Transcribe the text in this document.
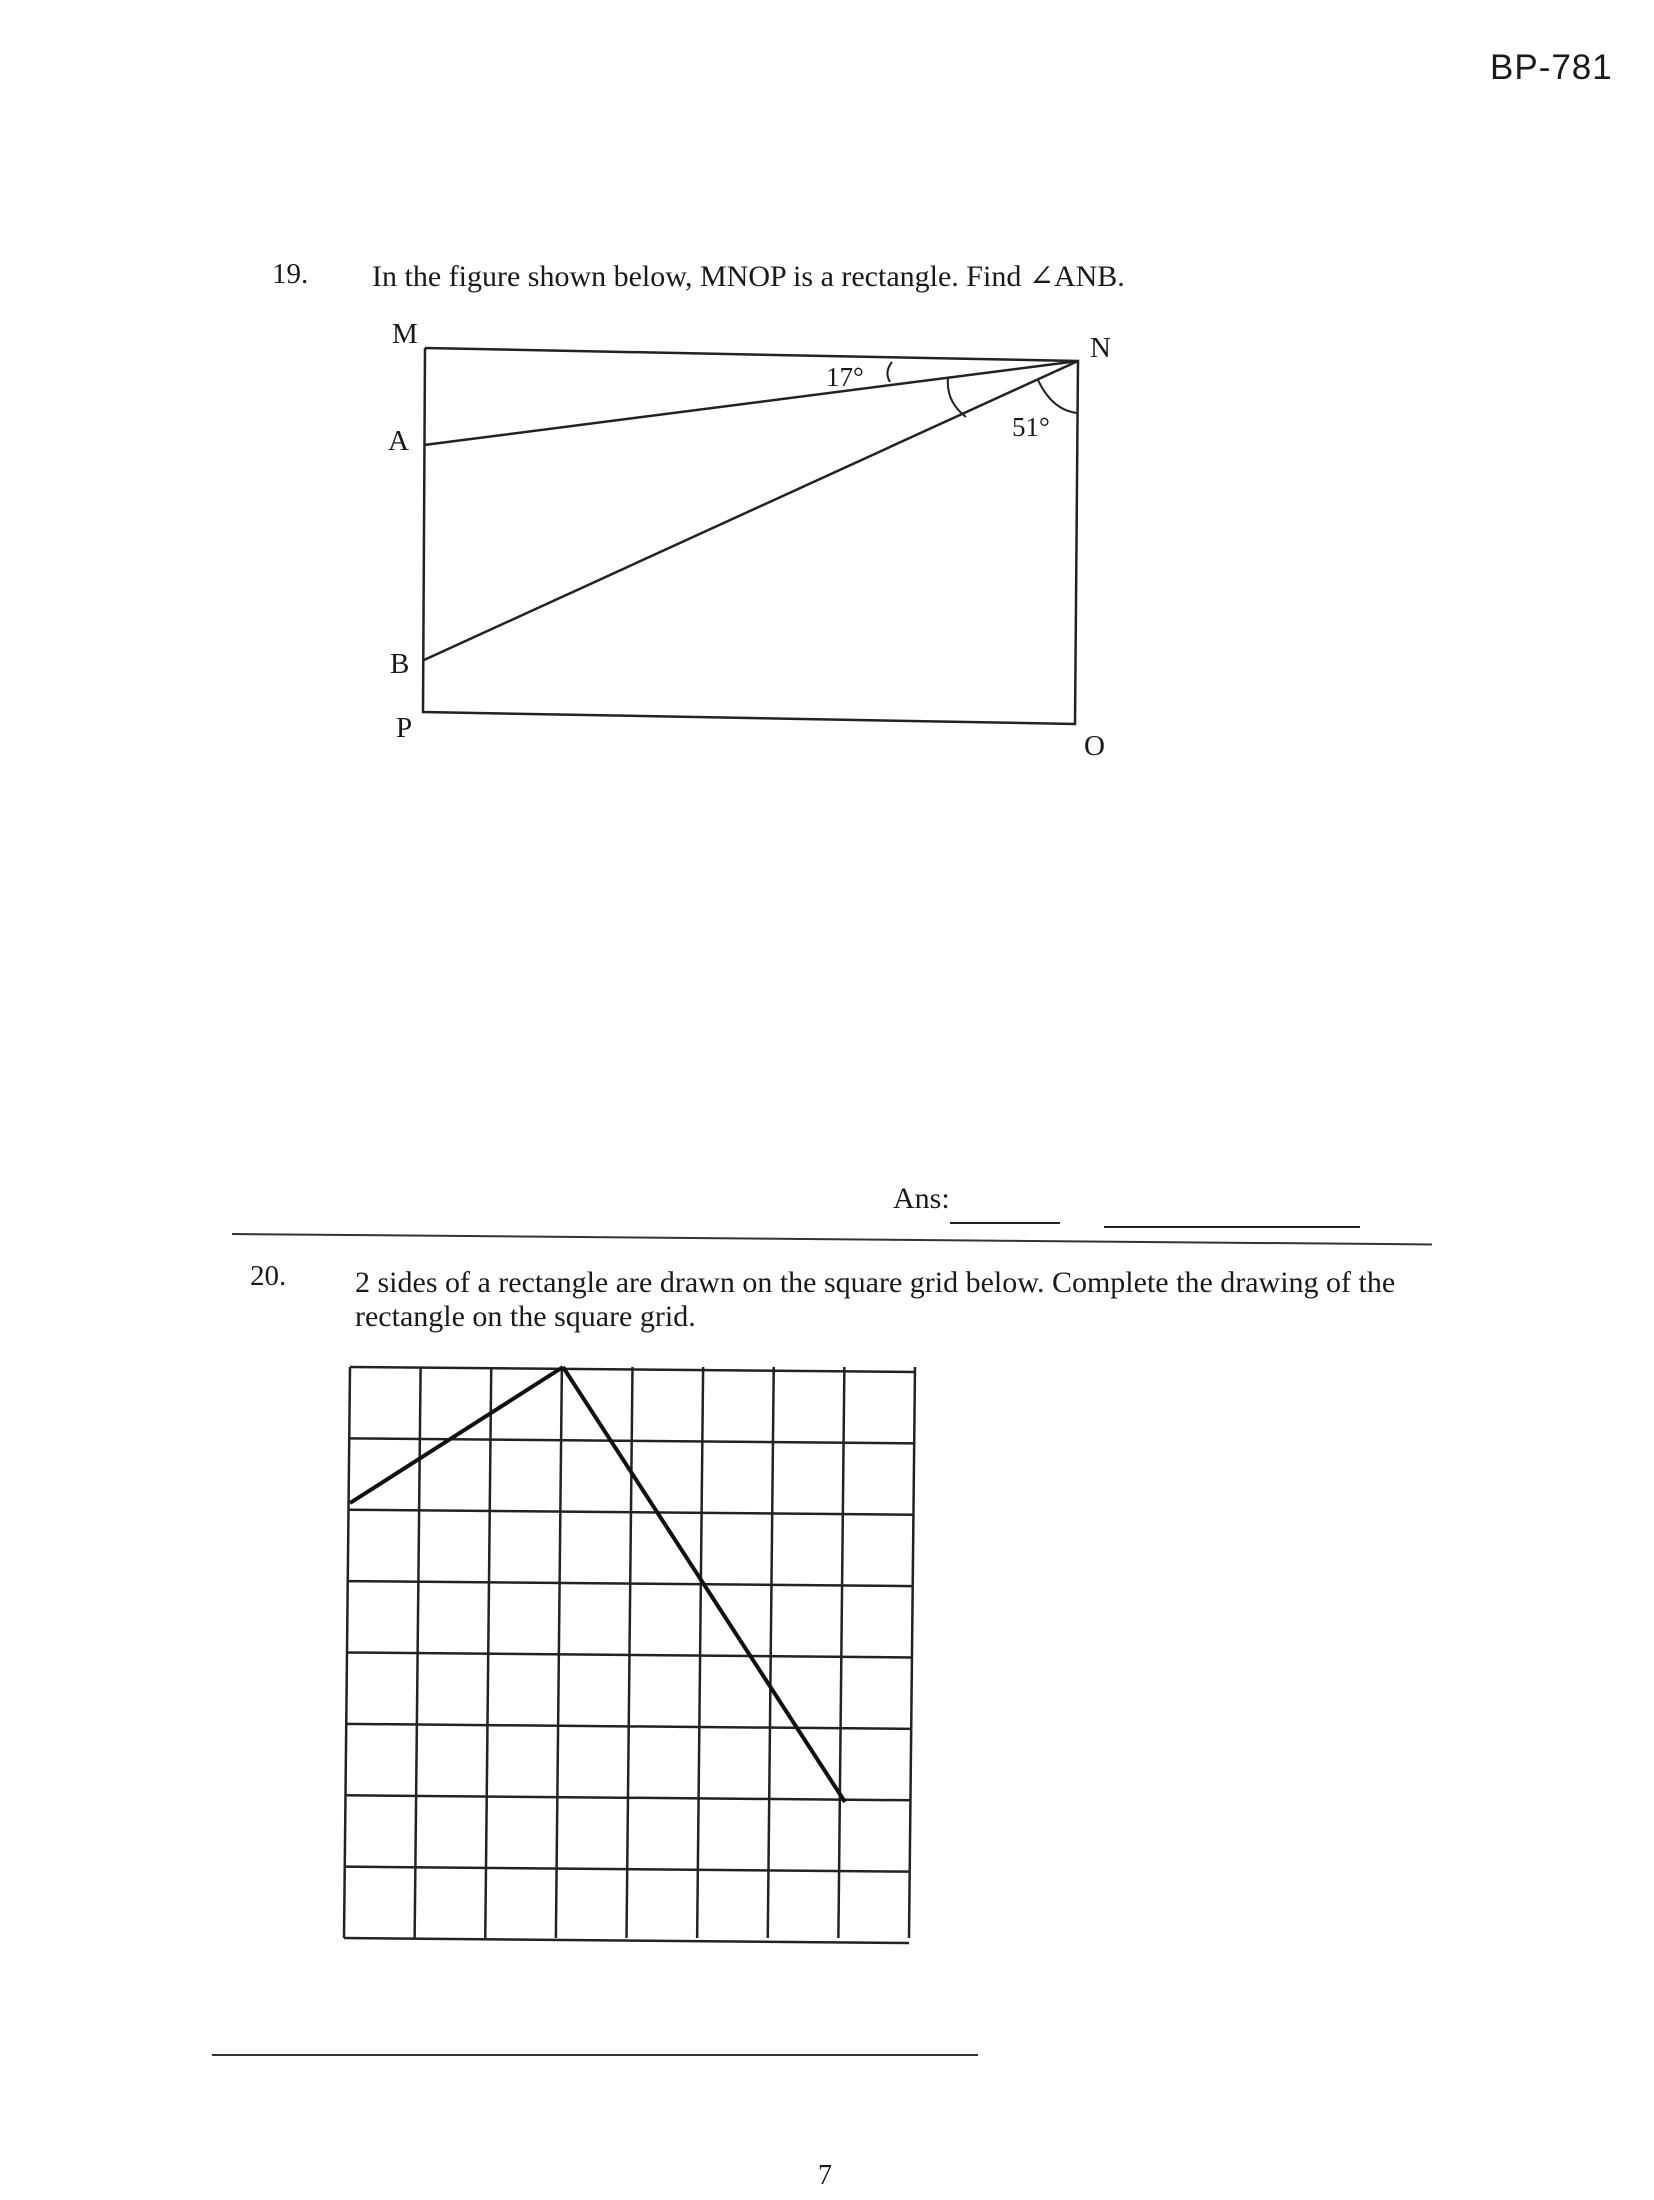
BP-781
19. In the figure shown below, MNOP is a rectangle. Find ∠ANB.
M	N
A
B
P
O
17°
51°
Ans:
20. 2 sides of a rectangle are drawn on the square grid below. Complete the drawing of the rectangle on the square grid.
7
